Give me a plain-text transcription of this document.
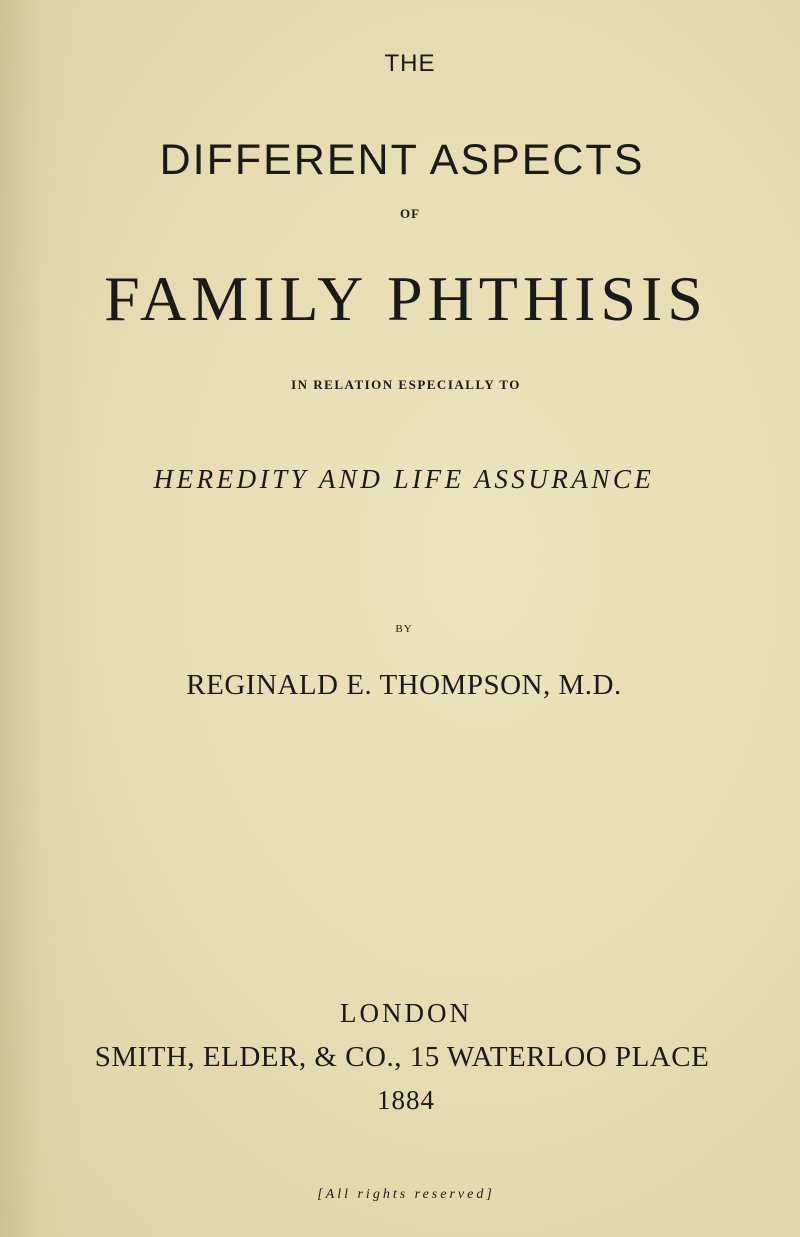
THE
DIFFERENT ASPECTS
OF
FAMILY PHTHISIS
IN RELATION ESPECIALLY TO
HEREDITY AND LIFE ASSURANCE
BY
REGINALD E. THOMPSON, M.D.
LONDON
SMITH, ELDER, & CO., 15 WATERLOO PLACE
1884
[All rights reserved]
